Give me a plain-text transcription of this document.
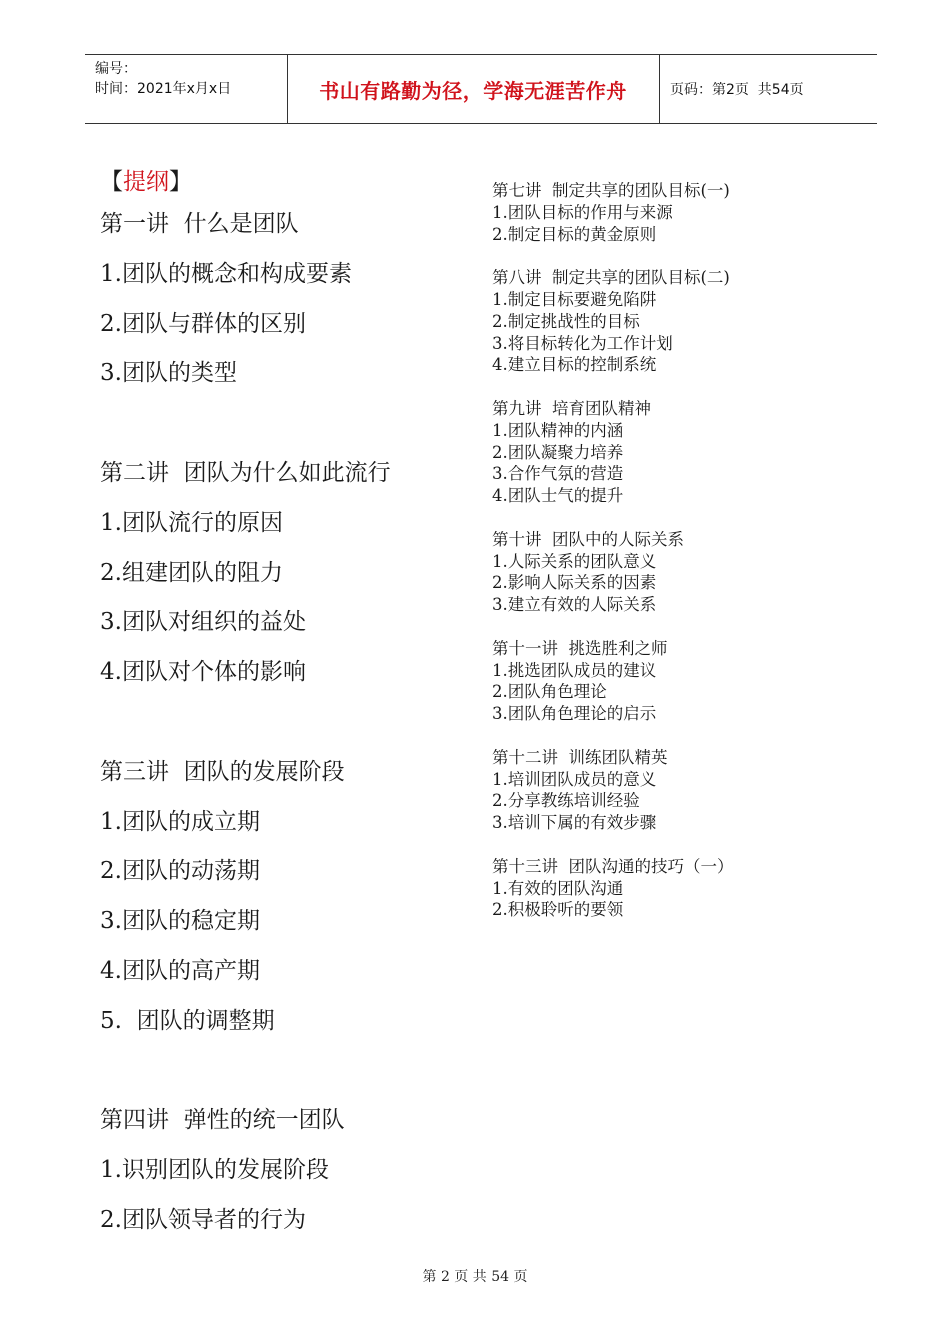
编号：
时间：2021年x月x日	书山有路勤为径，学海无涯苦作舟	页码：第2页  共54页
【提纲】
第一讲  什么是团队
1.团队的概念和构成要素
2.团队与群体的区别
3.团队的类型
第二讲  团队为什么如此流行
1.团队流行的原因
2.组建团队的阻力
3.团队对组织的益处
4.团队对个体的影响
第三讲  团队的发展阶段
1.团队的成立期
2.团队的动荡期
3.团队的稳定期
4.团队的高产期
5.  团队的调整期
第四讲  弹性的统一团队
1.识别团队的发展阶段
2.团队领导者的行为
第七讲  制定共享的团队目标(一)
1.团队目标的作用与来源
2.制定目标的黄金原则
第八讲  制定共享的团队目标(二)
1.制定目标要避免陷阱
2.制定挑战性的目标
3.将目标转化为工作计划
4.建立目标的控制系统
第九讲  培育团队精神
1.团队精神的内涵
2.团队凝聚力培养
3.合作气氛的营造
4.团队士气的提升
第十讲  团队中的人际关系
1.人际关系的团队意义
2.影响人际关系的因素
3.建立有效的人际关系
第十一讲  挑选胜利之师
1.挑选团队成员的建议
2.团队角色理论
3.团队角色理论的启示
第十二讲  训练团队精英
1.培训团队成员的意义
2.分享教练培训经验
3.培训下属的有效步骤
第十三讲  团队沟通的技巧（一）
1.有效的团队沟通
2.积极聆听的要领
第 2 页 共 54 页
